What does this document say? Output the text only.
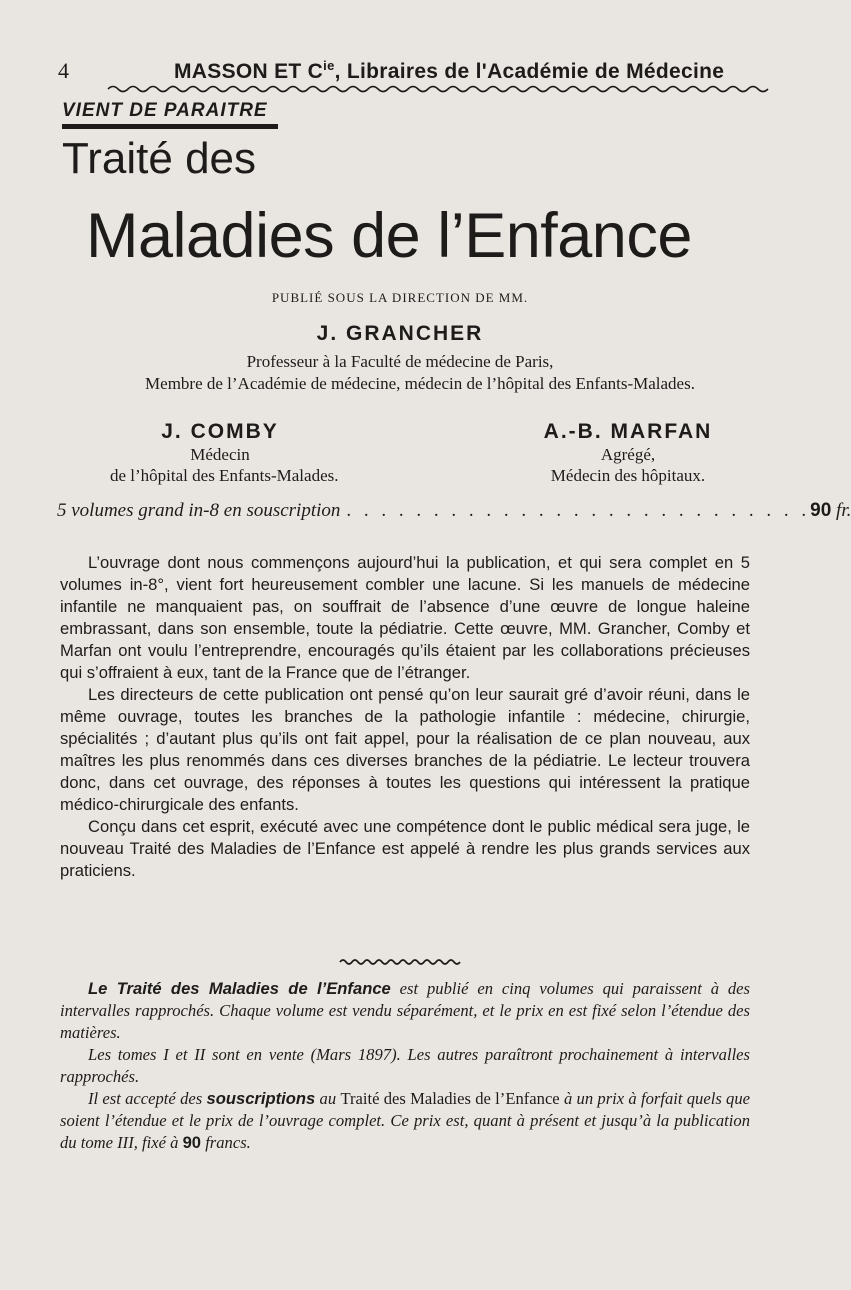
4	MASSON ET $C^{ie}$, Libraires de l'Académie de Médecine
VIENT DE PARAITRE
Traité des
Maladies de l’Enfance
PUBLIÉ SOUS LA DIRECTION DE MM.
J. GRANCHER
Professeur à la Faculté de médecine de Paris,
Membre de l’Académie de médecine, médecin de l’hôpital des Enfants-Malades.
J. COMBY
Médecin
de l’hôpital des Enfants-Malades.
A.-B. MARFAN
Agrégé,
Médecin des hôpitaux.
5 volumes grand in-8 en souscription . . . . . . . . . . . . . . . . . . . . . . . . . . . 90 fr.

L’ouvrage dont nous commençons aujourd’hui la publication, et qui sera complet en 5 volumes in-8°, vient fort heureusement combler une lacune. Si les manuels de médecine infantile ne manquaient pas, on souffrait de l’absence d’une œuvre de longue haleine embrassant, dans son ensemble, toute la pédiatrie. Cette œuvre, MM. Grancher, Comby et Marfan ont voulu l’entreprendre, encouragés qu’ils étaient par les collaborations précieuses qui s’offraient à eux, tant de la France que de l’étranger.

Les directeurs de cette publication ont pensé qu’on leur saurait gré d’avoir réuni, dans le même ouvrage, toutes les branches de la pathologie infantile : médecine, chirurgie, spécialités ; d’autant plus qu’ils ont fait appel, pour la réalisation de ce plan nouveau, aux maîtres les plus renommés dans ces diverses branches de la pédiatrie. Le lecteur trouvera donc, dans cet ouvrage, des réponses à toutes les questions qui intéressent la pratique médico-chirurgicale des enfants.

Conçu dans cet esprit, exécuté avec une compétence dont le public médical sera juge, le nouveau Traité des Maladies de l’Enfance est appelé à rendre les plus grands services aux praticiens.

Le Traité des Maladies de l’Enfance est publié en cinq volumes qui paraissent à des intervalles rapprochés. Chaque volume est vendu séparément, et le prix en est fixé selon l’étendue des matières.

Les tomes I et II sont en vente (Mars 1897). Les autres paraîtront prochainement à intervalles rapprochés.

Il est accepté des souscriptions au Traité des Maladies de l’Enfance à un prix à forfait quels que soient l’étendue et le prix de l’ouvrage complet. Ce prix est, quant à présent et jusqu’à la publication du tome III, fixé à 90 francs.
